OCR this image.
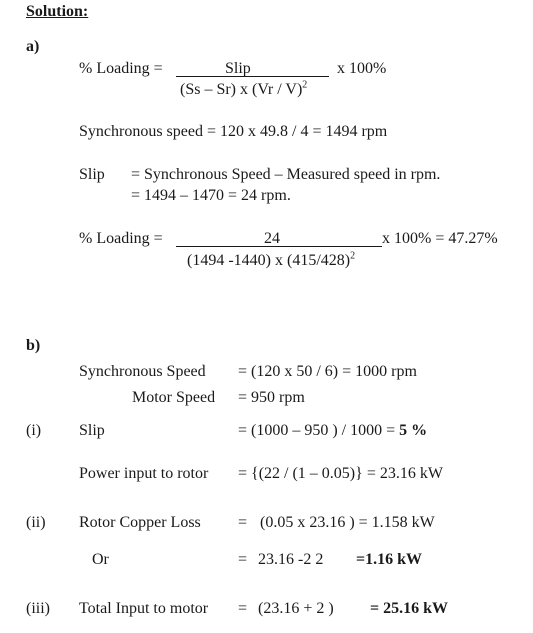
Solution:
a)
% Loading =	Slip	x 100%
(Ss – Sr) x (Vr / V)$^2$
Synchronous speed = 120 x 49.8 / 4 = 1494 rpm
Slip = Synchronous Speed – Measured speed in rpm.
= 1494 – 1470 = 24 rpm.
% Loading =	24	x 100% = 47.27%
(1494 -1440) x $(415/428)^2$
b)
Synchronous Speed = (120 x 50 / 6) = 1000 rpm
Motor Speed = 950 rpm
(i) Slip	= (1000 – 950 ) / 1000 = 5 %
Power input to rotor = {(22 / (1 – 0.05)} = 23.16 kW
(ii) Rotor Copper Loss = (0.05 x 23.16 ) = 1.158 kW
Or	= 23.16 -2 2 =1.16 kW
(iii) Total Input to motor = (23.16 + 2 ) = 25.16 kW
